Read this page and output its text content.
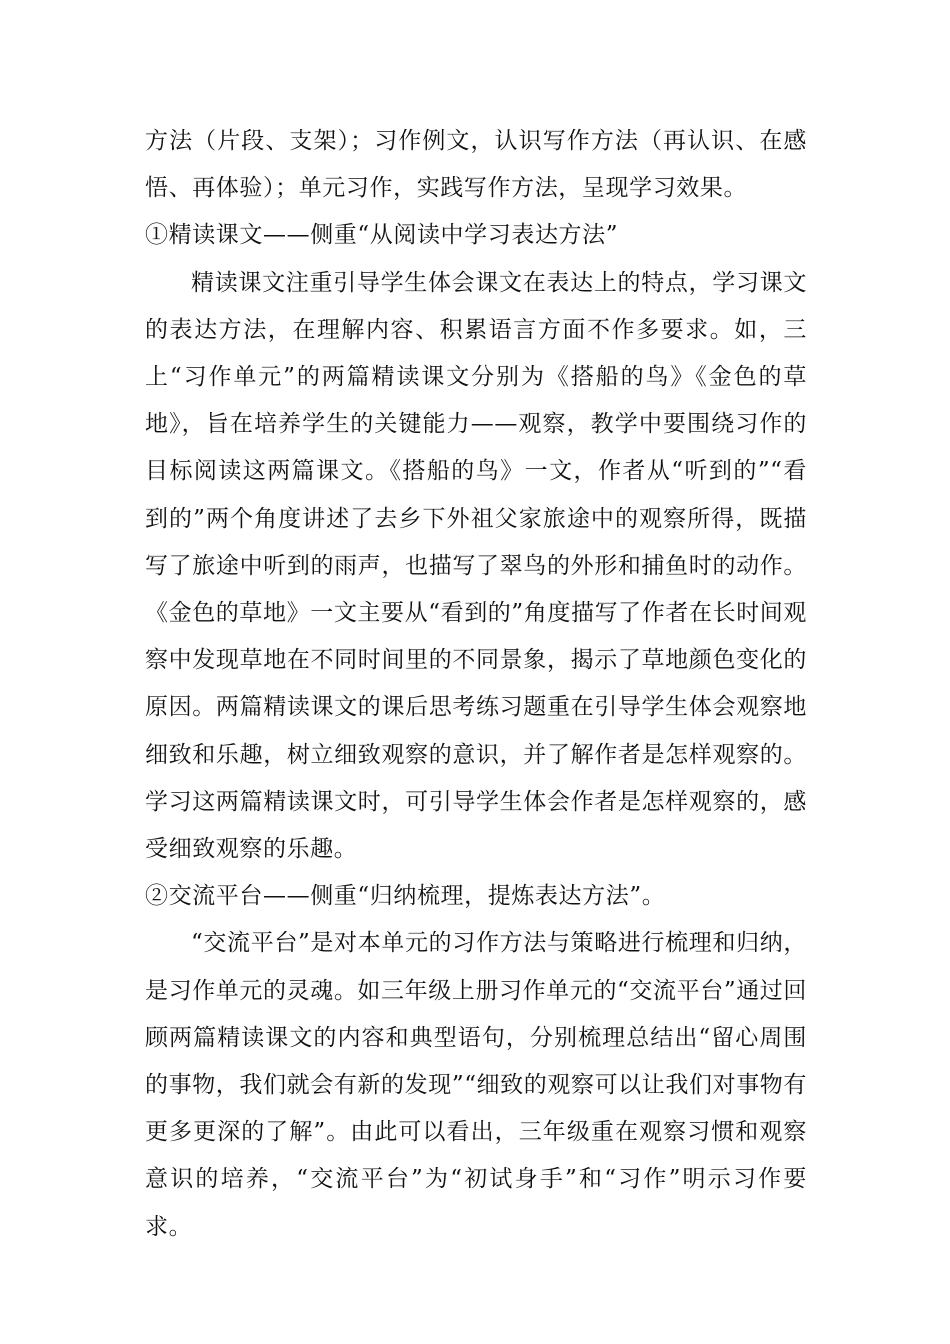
方法（片段、支架）；习作例文，认识写作方法（再认识、在感悟、再体验）；单元习作，实践写作方法，呈现学习效果。

①精读课文——侧重“从阅读中学习表达方法”

精读课文注重引导学生体会课文在表达上的特点，学习课文的表达方法，在理解内容、积累语言方面不作多要求。如，三上“习作单元”的两篇精读课文分别为《搭船的鸟》《金色的草地》，旨在培养学生的关键能力——观察，教学中要围绕习作的目标阅读这两篇课文。《搭船的鸟》一文，作者从“听到的”“看到的”两个角度讲述了去乡下外祖父家旅途中的观察所得，既描写了旅途中听到的雨声，也描写了翠鸟的外形和捕鱼时的动作。《金色的草地》一文主要从“看到的”角度描写了作者在长时间观察中发现草地在不同时间里的不同景象，揭示了草地颜色变化的原因。两篇精读课文的课后思考练习题重在引导学生体会观察地细致和乐趣，树立细致观察的意识，并了解作者是怎样观察的。学习这两篇精读课文时，可引导学生体会作者是怎样观察的，感受细致观察的乐趣。

②交流平台——侧重“归纳梳理，提炼表达方法”。

“交流平台”是对本单元的习作方法与策略进行梳理和归纳，是习作单元的灵魂。如三年级上册习作单元的“交流平台”通过回顾两篇精读课文的内容和典型语句，分别梳理总结出“留心周围的事物，我们就会有新的发现”“细致的观察可以让我们对事物有更多更深的了解”。由此可以看出，三年级重在观察习惯和观察意识的培养，“交流平台”为“初试身手”和“习作”明示习作要求。
